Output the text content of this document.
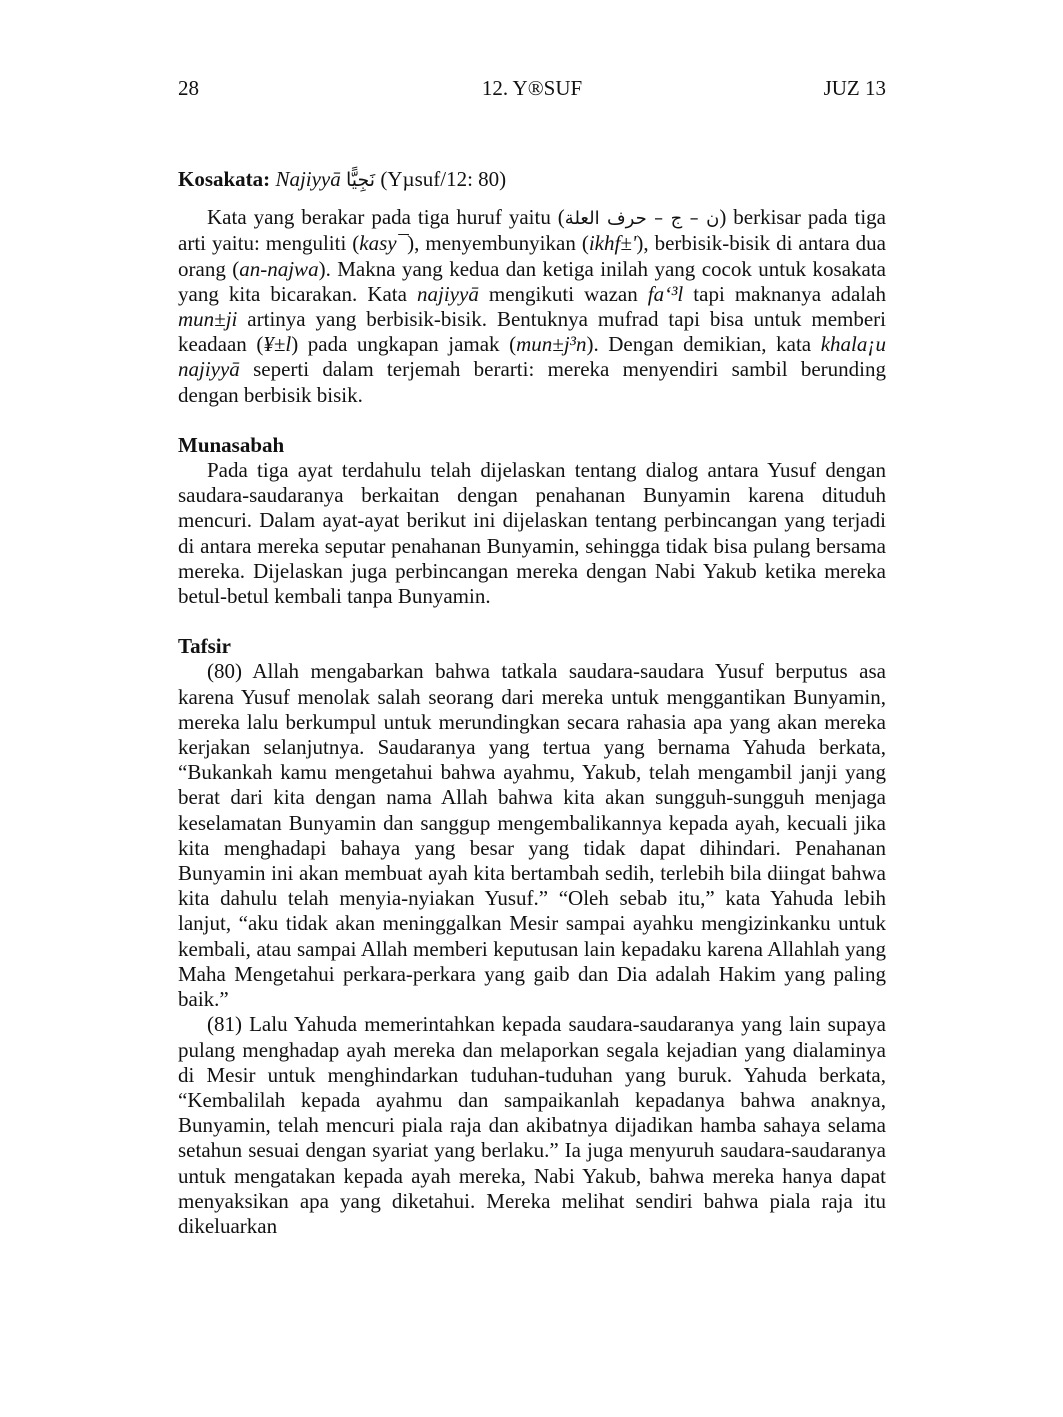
28	12. Y®SUF	JUZ 13
Kosakata: Najiyyā نَجِيًّا (Yµsuf/12: 80)

Kata yang berakar pada tiga huruf yaitu (ن – ج – حرف العلة) berkisar pada tiga arti yaitu: menguliti (kasy¯), menyembunyikan (ikhf±'), berbisik-bisik di antara dua orang (an-najwa). Makna yang kedua dan ketiga inilah yang cocok untuk kosakata yang kita bicarakan. Kata najiyyā mengikuti wazan fa‘³l tapi maknanya adalah mun±ji artinya yang berbisik-bisik. Bentuknya mufrad tapi bisa untuk memberi keadaan (¥±l) pada ungkapan jamak (mun±j³n). Dengan demikian, kata khala¡u najiyyā seperti dalam terjemah berarti: mereka menyendiri sambil berunding dengan berbisik bisik.

Munasabah

Pada tiga ayat terdahulu telah dijelaskan tentang dialog antara Yusuf dengan saudara-saudaranya berkaitan dengan penahanan Bunyamin karena dituduh mencuri. Dalam ayat-ayat berikut ini dijelaskan tentang perbincangan yang terjadi di antara mereka seputar penahanan Bunyamin, sehingga tidak bisa pulang bersama mereka. Dijelaskan juga perbincangan mereka dengan Nabi Yakub ketika mereka betul-betul kembali tanpa Bunyamin.

Tafsir

(80) Allah mengabarkan bahwa tatkala saudara-saudara Yusuf berputus asa karena Yusuf menolak salah seorang dari mereka untuk menggantikan Bunyamin, mereka lalu berkumpul untuk merundingkan secara rahasia apa yang akan mereka kerjakan selanjutnya. Saudaranya yang tertua yang bernama Yahuda berkata, “Bukankah kamu mengetahui bahwa ayahmu, Yakub, telah mengambil janji yang berat dari kita dengan nama Allah bahwa kita akan sungguh-sungguh menjaga keselamatan Bunyamin dan sanggup mengembalikannya kepada ayah, kecuali jika kita menghadapi bahaya yang besar yang tidak dapat dihindari. Penahanan Bunyamin ini akan membuat ayah kita bertambah sedih, terlebih bila diingat bahwa kita dahulu telah menyia-nyiakan Yusuf.” “Oleh sebab itu,” kata Yahuda lebih lanjut, “aku tidak akan meninggalkan Mesir sampai ayahku mengizinkanku untuk kembali, atau sampai Allah memberi keputusan lain kepadaku karena Allahlah yang Maha Mengetahui perkara-perkara yang gaib dan Dia adalah Hakim yang paling baik.”

(81) Lalu Yahuda memerintahkan kepada saudara-saudaranya yang lain supaya pulang menghadap ayah mereka dan melaporkan segala kejadian yang dialaminya di Mesir untuk menghindarkan tuduhan-tuduhan yang buruk. Yahuda berkata, “Kembalilah kepada ayahmu dan sampaikanlah kepadanya bahwa anaknya, Bunyamin, telah mencuri piala raja dan akibatnya dijadikan hamba sahaya selama setahun sesuai dengan syariat yang berlaku.” Ia juga menyuruh saudara-saudaranya untuk mengatakan kepada ayah mereka, Nabi Yakub, bahwa mereka hanya dapat menyaksikan apa yang diketahui. Mereka melihat sendiri bahwa piala raja itu dikeluarkan
